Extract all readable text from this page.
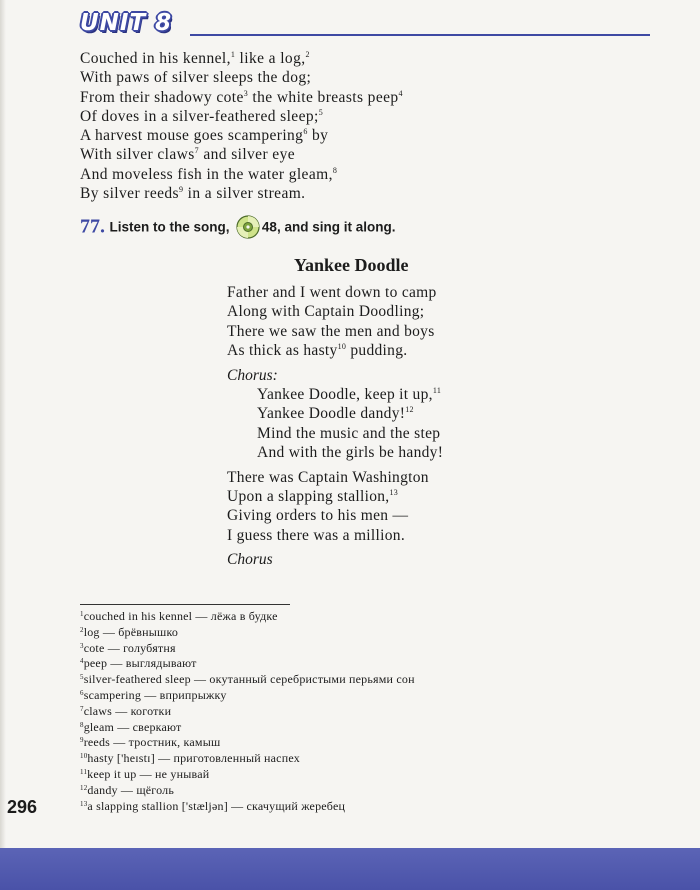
UNIT 8
Couched in his kennel,$^1$ like a log,$^2$
With paws of silver sleeps the dog;
From their shadowy cote$^3$ the white breasts peep$^4$
Of doves in a silver-feathered sleep;$^5$
A harvest mouse goes scampering$^6$ by
With silver claws$^7$ and silver eye
And moveless fish in the water gleam,$^8$
By silver reeds$^9$ in a silver stream.
77. Listen to the song, 48, and sing it along.
Yankee Doodle
Father and I went down to camp
Along with Captain Doodling;
There we saw the men and boys
As thick as hasty$^{10}$ pudding.
Chorus:
Yankee Doodle, keep it up,$^{11}$
Yankee Doodle dandy!$^{12}$
Mind the music and the step
And with the girls be handy!
There was Captain Washington
Upon a slapping stallion,$^{13}$
Giving orders to his men —
I guess there was a million.
Chorus
$^1$couched in his kennel — лёжа в будке
$^2$log — брёвнышко
$^3$cote — голубятня
$^4$peep — выглядывают
$^5$silver-feathered sleep — окутанный серебристыми перьями сон
$^6$scampering — вприпрыжку
$^7$claws — коготки
$^8$gleam — сверкают
$^9$reeds — тростник, камыш
$^{10}$hasty ['heɪstɪ] — приготовленный наспех
$^{11}$keep it up — не унывай
$^{12}$dandy — щёголь
$^{13}$a slapping stallion ['stæljən] — скачущий жеребец
296
